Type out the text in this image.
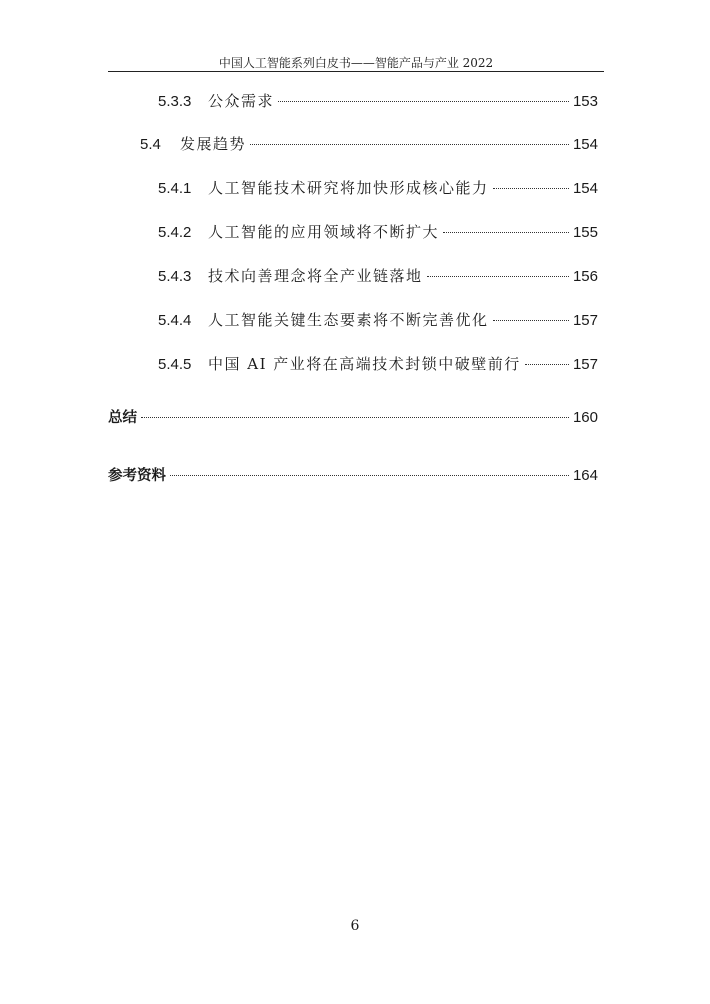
中国人工智能系列白皮书——智能产品与产业 2022
5.3.3	公众需求	153
5.4	发展趋势	154
5.4.1	人工智能技术研究将加快形成核心能力	154
5.4.2	人工智能的应用领域将不断扩大	155
5.4.3	技术向善理念将全产业链落地	156
5.4.4	人工智能关键生态要素将不断完善优化	157
5.4.5	中国 AI 产业将在高端技术封锁中破壁前行	157
总结	160
参考资料	164
6
